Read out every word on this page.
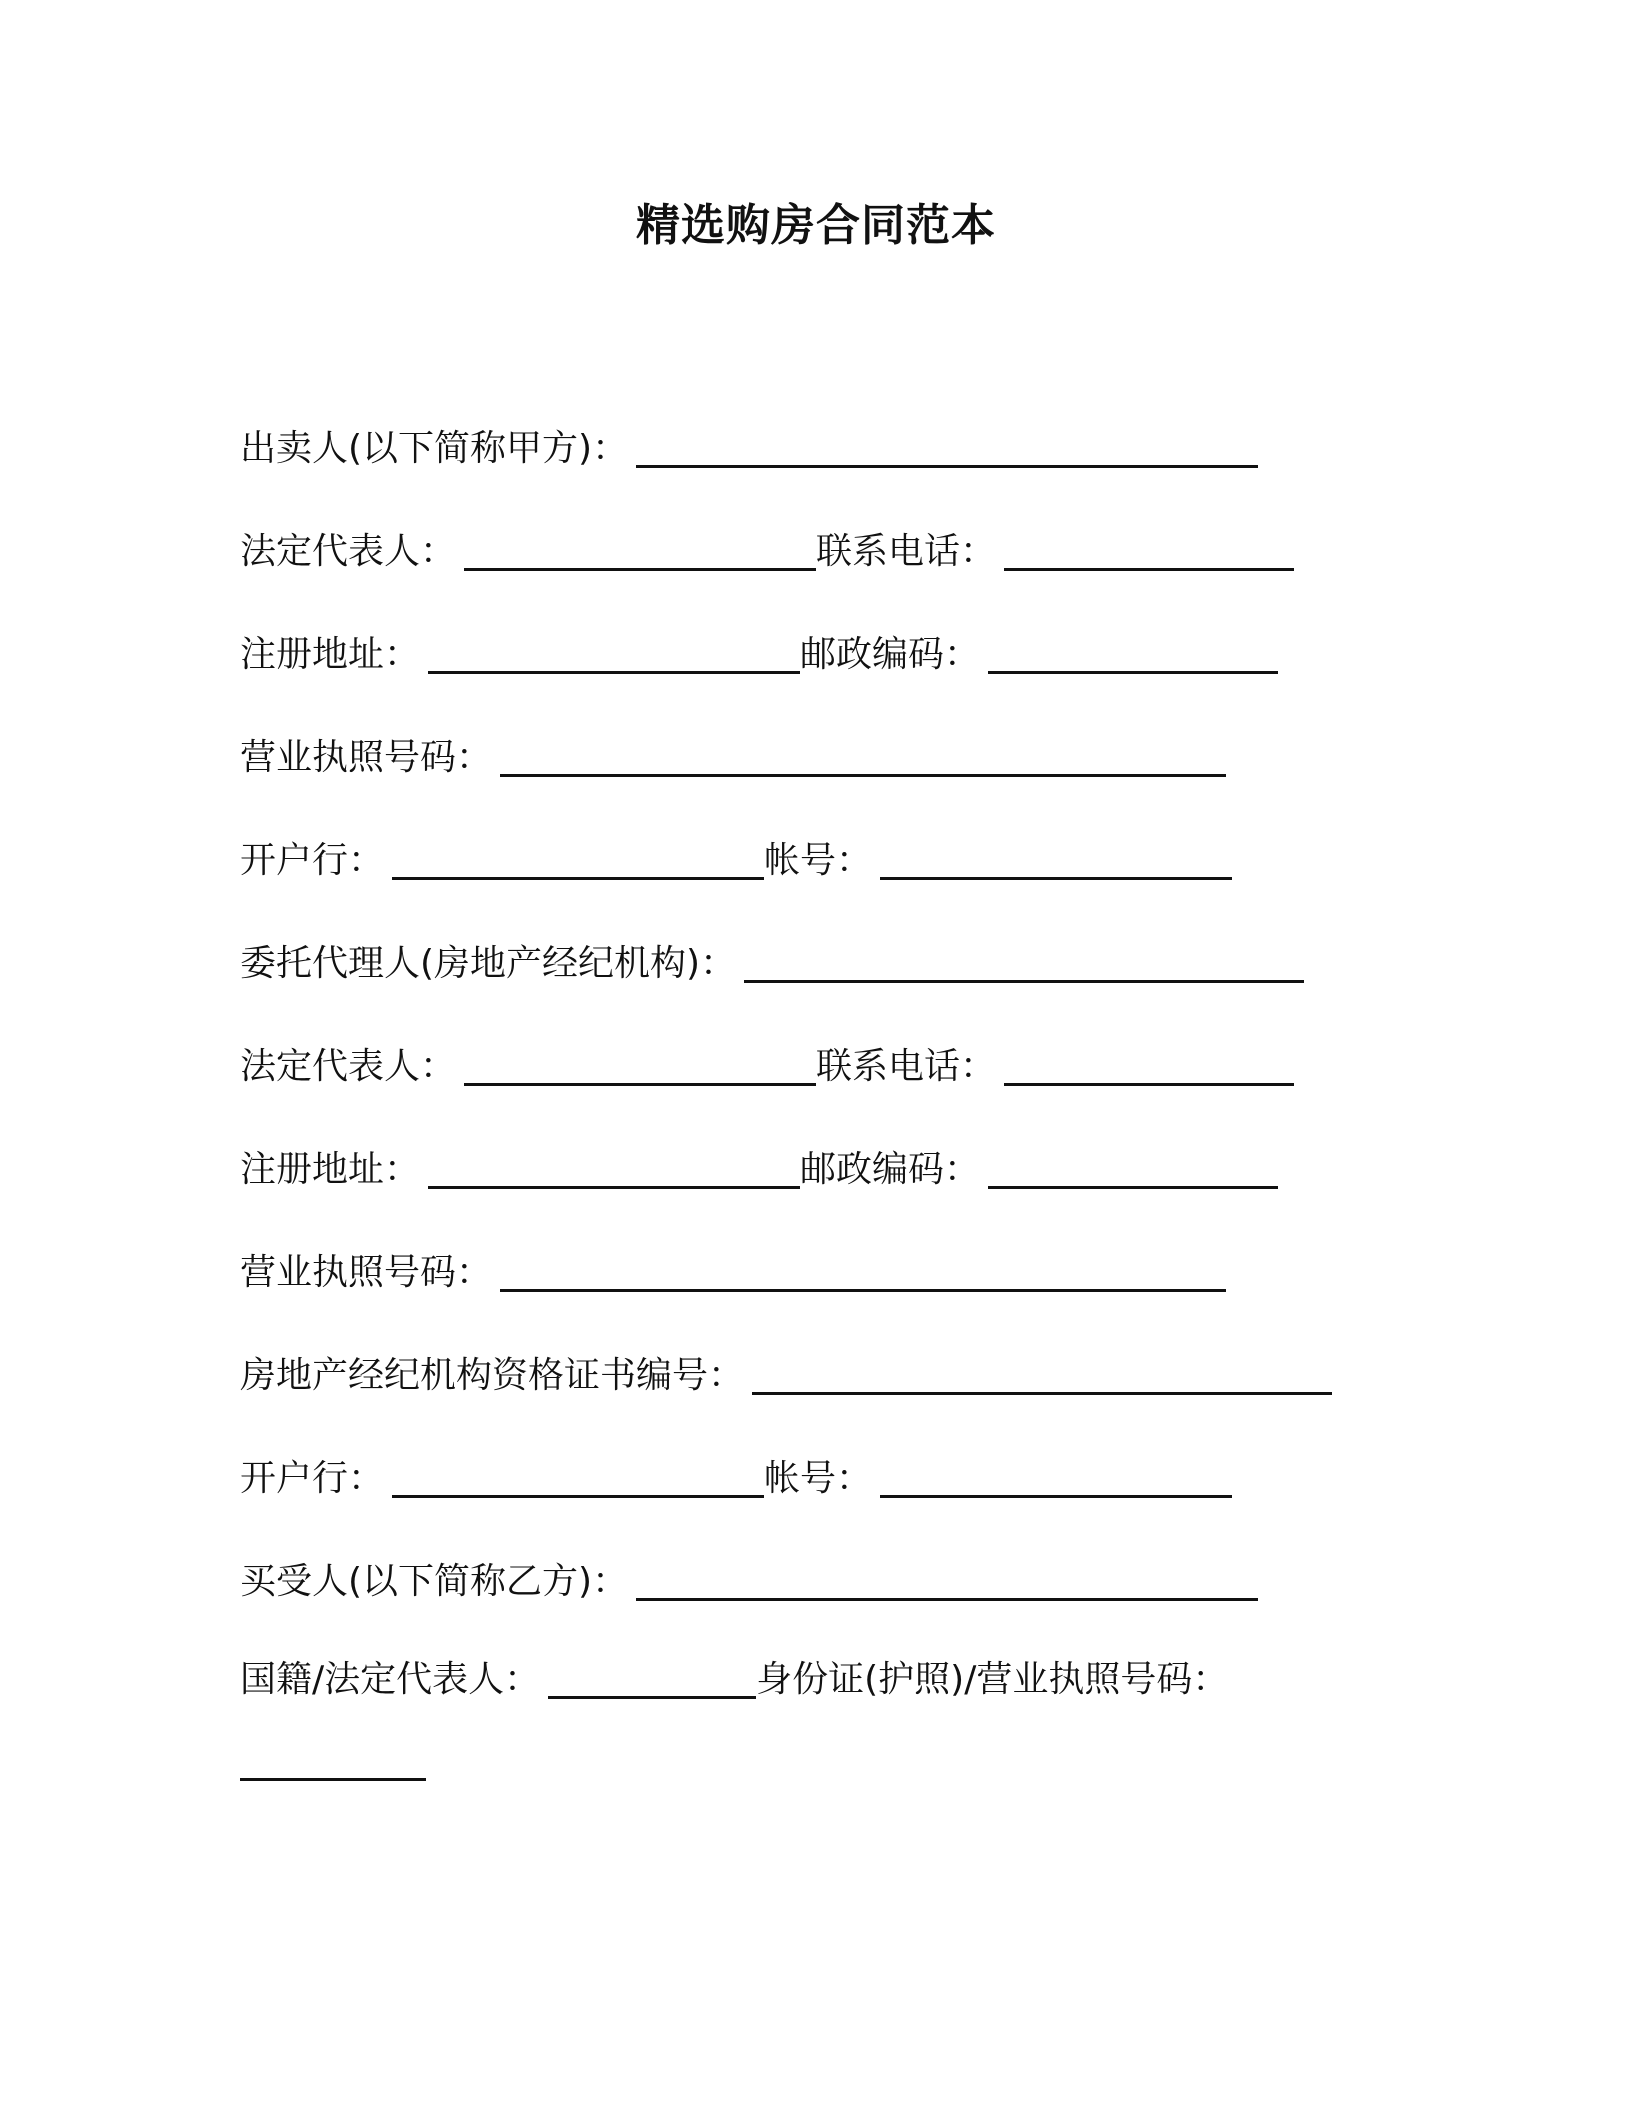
精选购房合同范本
出卖人(以下简称甲方)：
法定代表人：	联系电话：
注册地址：	邮政编码：
营业执照号码：
开户行：	帐号：
委托代理人(房地产经纪机构)：
法定代表人：	联系电话：
注册地址：	邮政编码：
营业执照号码：
房地产经纪机构资格证书编号：
开户行：	帐号：
买受人(以下简称乙方)：
国籍/法定代表人：	身份证(护照)/营业执照号码：
